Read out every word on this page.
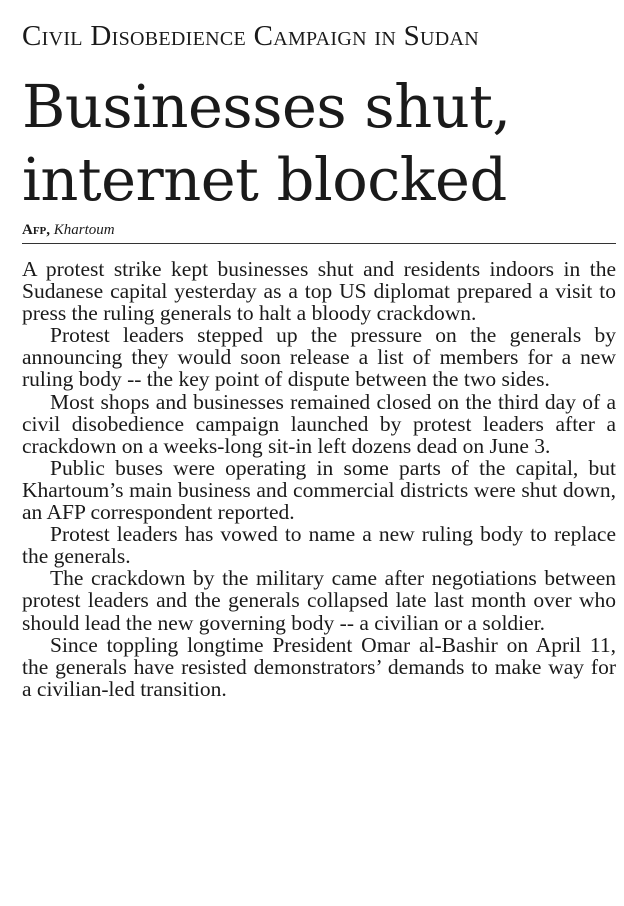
Civil Disobedience Campaign in Sudan
Businesses shut,
internet blocked
Afp, Khartoum

A protest strike kept businesses shut and residents indoors in the Sudanese capital yesterday as a top US diplomat prepared a visit to press the ruling generals to halt a bloody crackdown.

Protest leaders stepped up the pressure on the generals by announcing they would soon release a list of members for a new ruling body -- the key point of dispute between the two sides.

Most shops and businesses remained closed on the third day of a civil disobedience campaign launched by protest leaders after a crackdown on a weeks-long sit-in left dozens dead on June 3.

Public buses were operating in some parts of the capital, but Khartoum’s main business and commercial districts were shut down, an AFP correspondent reported.

Protest leaders has vowed to name a new ruling body to replace the generals.

The crackdown by the military came after negotiations between protest leaders and the generals collapsed late last month over who should lead the new governing body -- a civilian or a soldier.

Since toppling longtime President Omar al-Bashir on April 11, the generals have resisted demonstrators’ demands to make way for a civilian-led transition.
